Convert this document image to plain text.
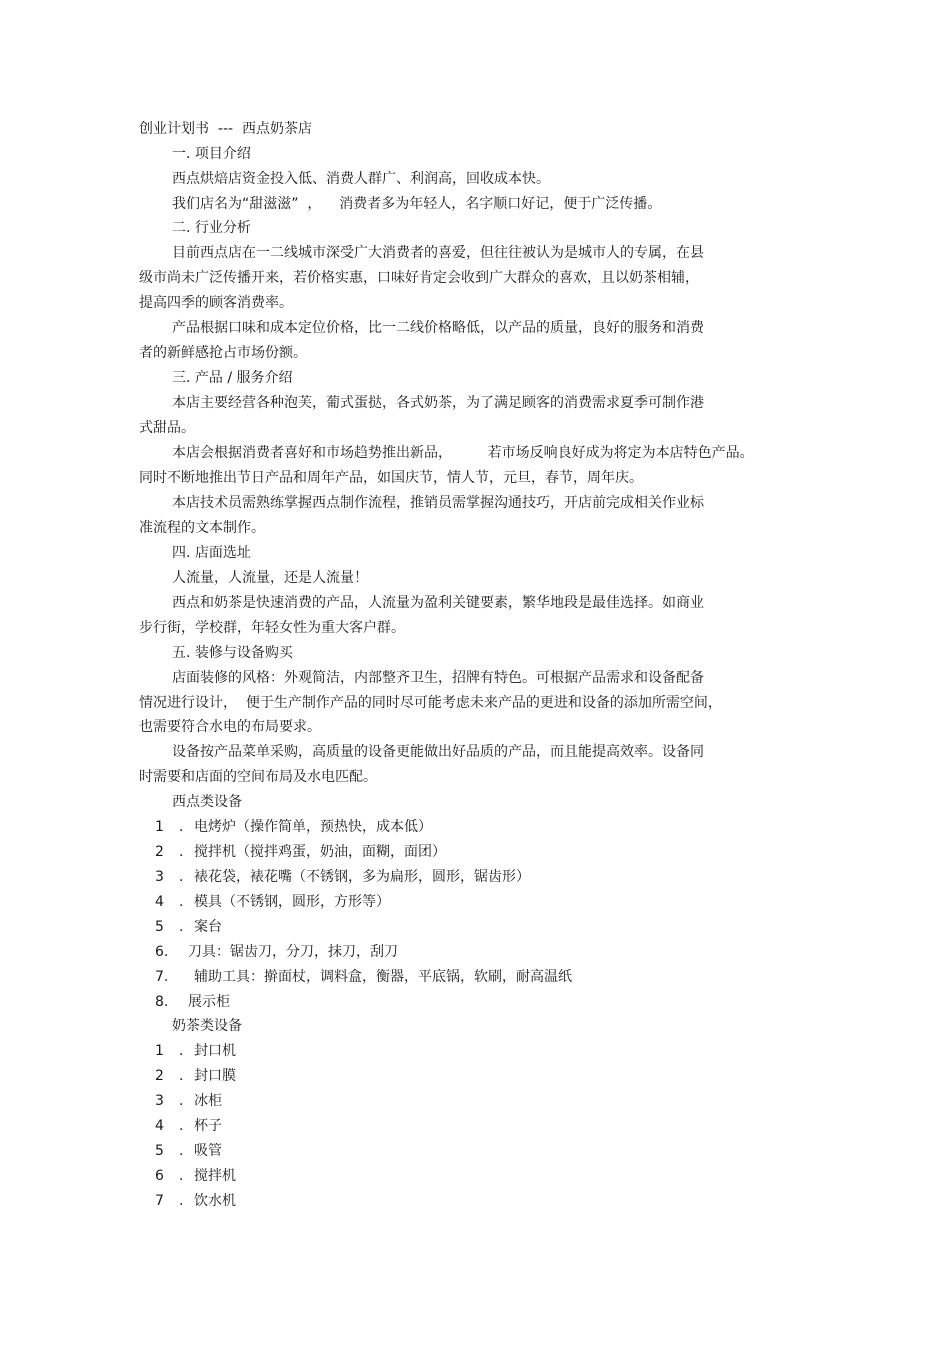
创业计划书  ---  西点奶茶店

一. 项目介绍

西点烘焙店资金投入低、消费人群广、利润高，回收成本快。

我们店名为“甜滋滋”  ，    消费者多为年轻人，名字顺口好记，便于广泛传播。

二. 行业分析

目前西点店在一二线城市深受广大消费者的喜爱，但往往被认为是城市人的专属，在县

级市尚未广泛传播开来，若价格实惠，口味好肯定会收到广大群众的喜欢，且以奶茶相辅，

提高四季的顾客消费率。

产品根据口味和成本定位价格，比一二线价格略低，以产品的质量，良好的服务和消费

者的新鲜感抢占市场份额。

三. 产品 / 服务介绍

本店主要经营各种泡芙，葡式蛋挞，各式奶茶，为了满足顾客的消费需求夏季可制作港

式甜品。

本店会根据消费者喜好和市场趋势推出新品，        若市场反响良好成为将定为本店特色产品。

同时不断地推出节日产品和周年产品，如国庆节，情人节，元旦，春节，周年庆。

本店技术员需熟练掌握西点制作流程，推销员需掌握沟通技巧，开店前完成相关作业标

准流程的文本制作。

四. 店面选址

人流量，人流量，还是人流量！

西点和奶茶是快速消费的产品，人流量为盈利关键要素，繁华地段是最佳选择。如商业

步行街，学校群，年轻女性为重大客户群。

五. 装修与设备购买

店面装修的风格：外观简洁，内部整齐卫生，招牌有特色。可根据产品需求和设备配备

情况进行设计，  便于生产制作产品的同时尽可能考虑未来产品的更进和设备的添加所需空间，

也需要符合水电的布局要求。

设备按产品菜单采购，高质量的设备更能做出好品质的产品，而且能提高效率。设备同

时需要和店面的空间布局及水电匹配。

西点类设备

1 . 电烤炉（操作简单，预热快，成本低）
2 . 搅拌机（搅拌鸡蛋，奶油，面糊，面团）
3 . 裱花袋，裱花嘴（不锈钢，多为扁形，圆形，锯齿形）
4 . 模具（不锈钢，圆形，方形等）
5 . 案台
6. 刀具：锯齿刀，分刀，抹刀，刮刀
7. 辅助工具：擀面杖，调料盒，衡器，平底锅，软刷，耐高温纸
8. 展示柜

奶茶类设备

1 . 封口机
2 . 封口膜
3 . 冰柜
4 . 杯子
5 . 吸管
6 . 搅拌机
7 . 饮水机
